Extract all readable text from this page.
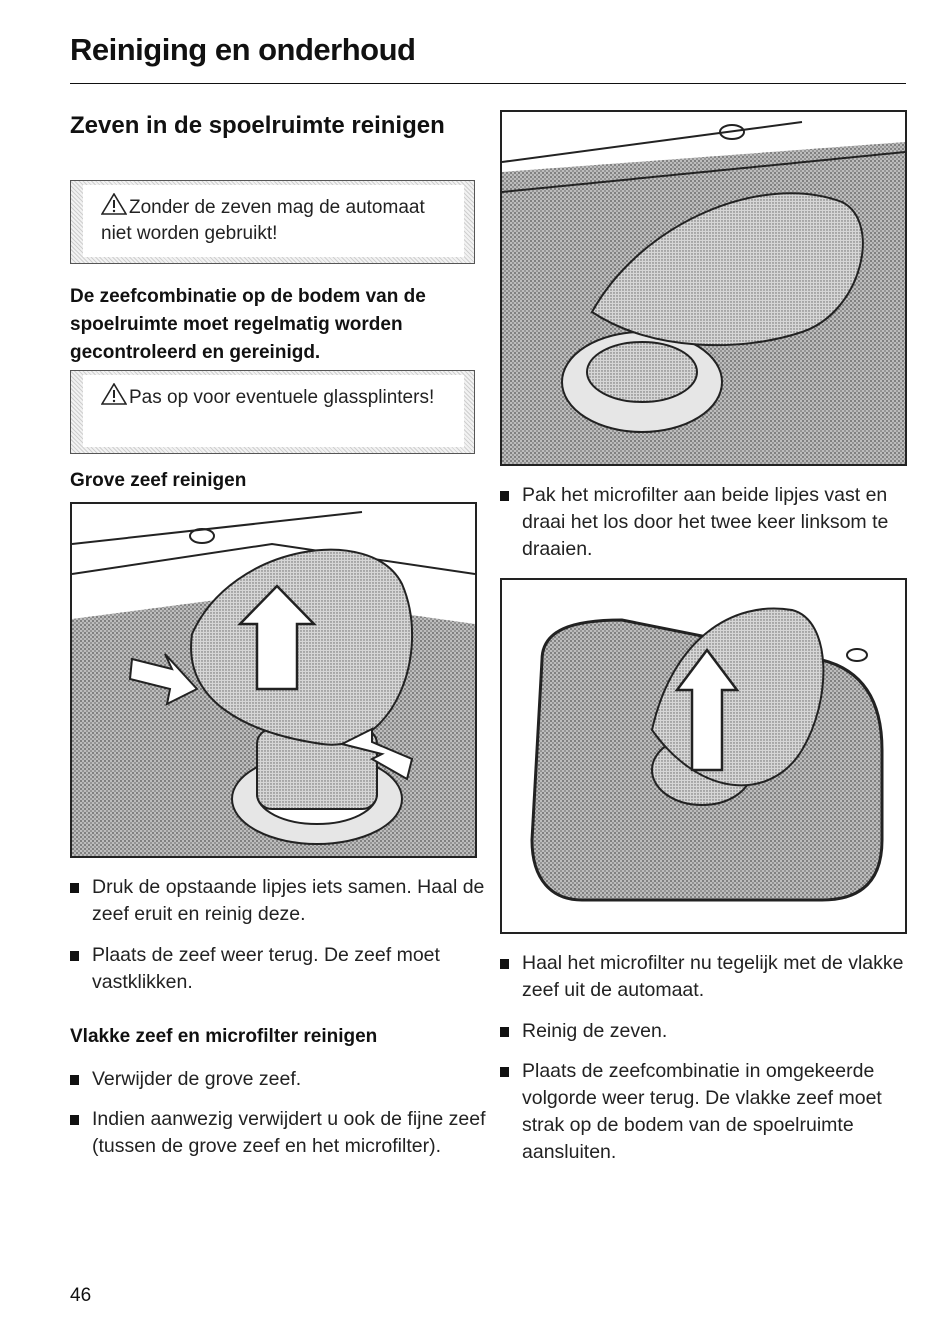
Reiniging en onderhoud
Zeven in de spoelruimte reinigen
Zonder de zeven mag de automaat niet worden gebruikt!
De zeefcombinatie op de bodem van de spoelruimte moet regelmatig worden gecontroleerd en gereinigd.
Pas op voor eventuele glassplinters!
Grove zeef reinigen
Druk de opstaande lipjes iets samen. Haal de zeef eruit en reinig deze.
Plaats de zeef weer terug. De zeef moet vastklikken.
Vlakke zeef en microfilter reinigen
Verwijder de grove zeef.
Indien aanwezig verwijdert u ook de fijne zeef (tussen de grove zeef en het microfilter).
Pak het microfilter aan beide lipjes vast en draai het los door het twee keer linksom te draaien.
Haal het microfilter nu tegelijk met de vlakke zeef uit de automaat.
Reinig de zeven.
Plaats de zeefcombinatie in omgekeerde volgorde weer terug. De vlakke zeef moet strak op de bodem van de spoelruimte aansluiten.
46
